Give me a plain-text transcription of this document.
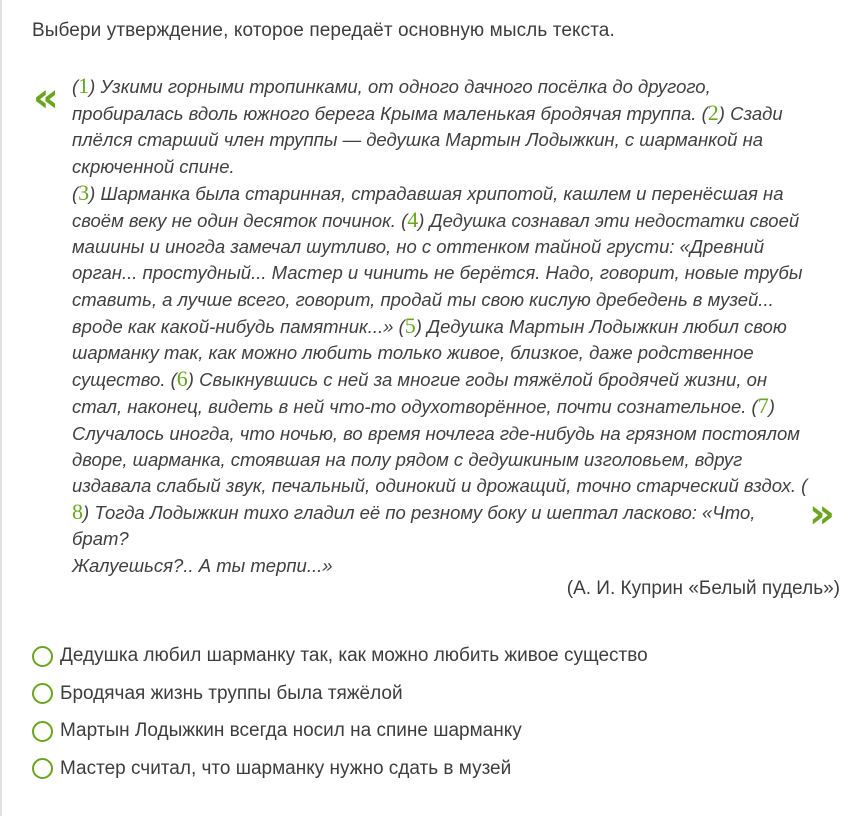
Выбери утверждение, которое передаёт основную мысль текста.
«
»
(1) Узкими горными тропинками, от одного дачного посёлка до другого,
пробиралась вдоль южного берега Крыма маленькая бродячая труппа. (2) Сзади
плёлся старший член труппы — дедушка Мартын Лодыжкин, с шарманкой на
скрюченной спине.
(3) Шарманка была старинная, страдавшая хрипотой, кашлем и перенёсшая на
своём веку не один десяток починок. (4) Дедушка сознавал эти недостатки своей
машины и иногда замечал шутливо, но с оттенком тайной грусти: «Древний
орган... простудный... Мастер и чинить не берётся. Надо, говорит, новые трубы
ставить, а лучше всего, говорит, продай ты свою кислую дребедень в музей...
вроде как какой-нибудь памятник...» (5) Дедушка Мартын Лодыжкин любил свою
шарманку так, как можно любить только живое, близкое, даже родственное
существо. (6) Свыкнувшись с ней за многие годы тяжёлой бродячей жизни, он
стал, наконец, видеть в ней что-то одухотворённое, почти сознательное. (7)
Случалось иногда, что ночью, во время ночлега где-нибудь на грязном постоялом
дворе, шарманка, стоявшая на полу рядом с дедушкиным изголовьем, вдруг
издавала слабый звук, печальный, одинокий и дрожащий, точно старческий вздох. (
8) Тогда Лодыжкин тихо гладил её по резному боку и шептал ласково: «Что, брат?
Жалуешься?.. А ты терпи...»
(А. И. Куприн «Белый пудель»)
Дедушка любил шарманку так, как можно любить живое существо
Бродячая жизнь труппы была тяжёлой
Мартын Лодыжкин всегда носил на спине шарманку
Мастер считал, что шарманку нужно сдать в музей
